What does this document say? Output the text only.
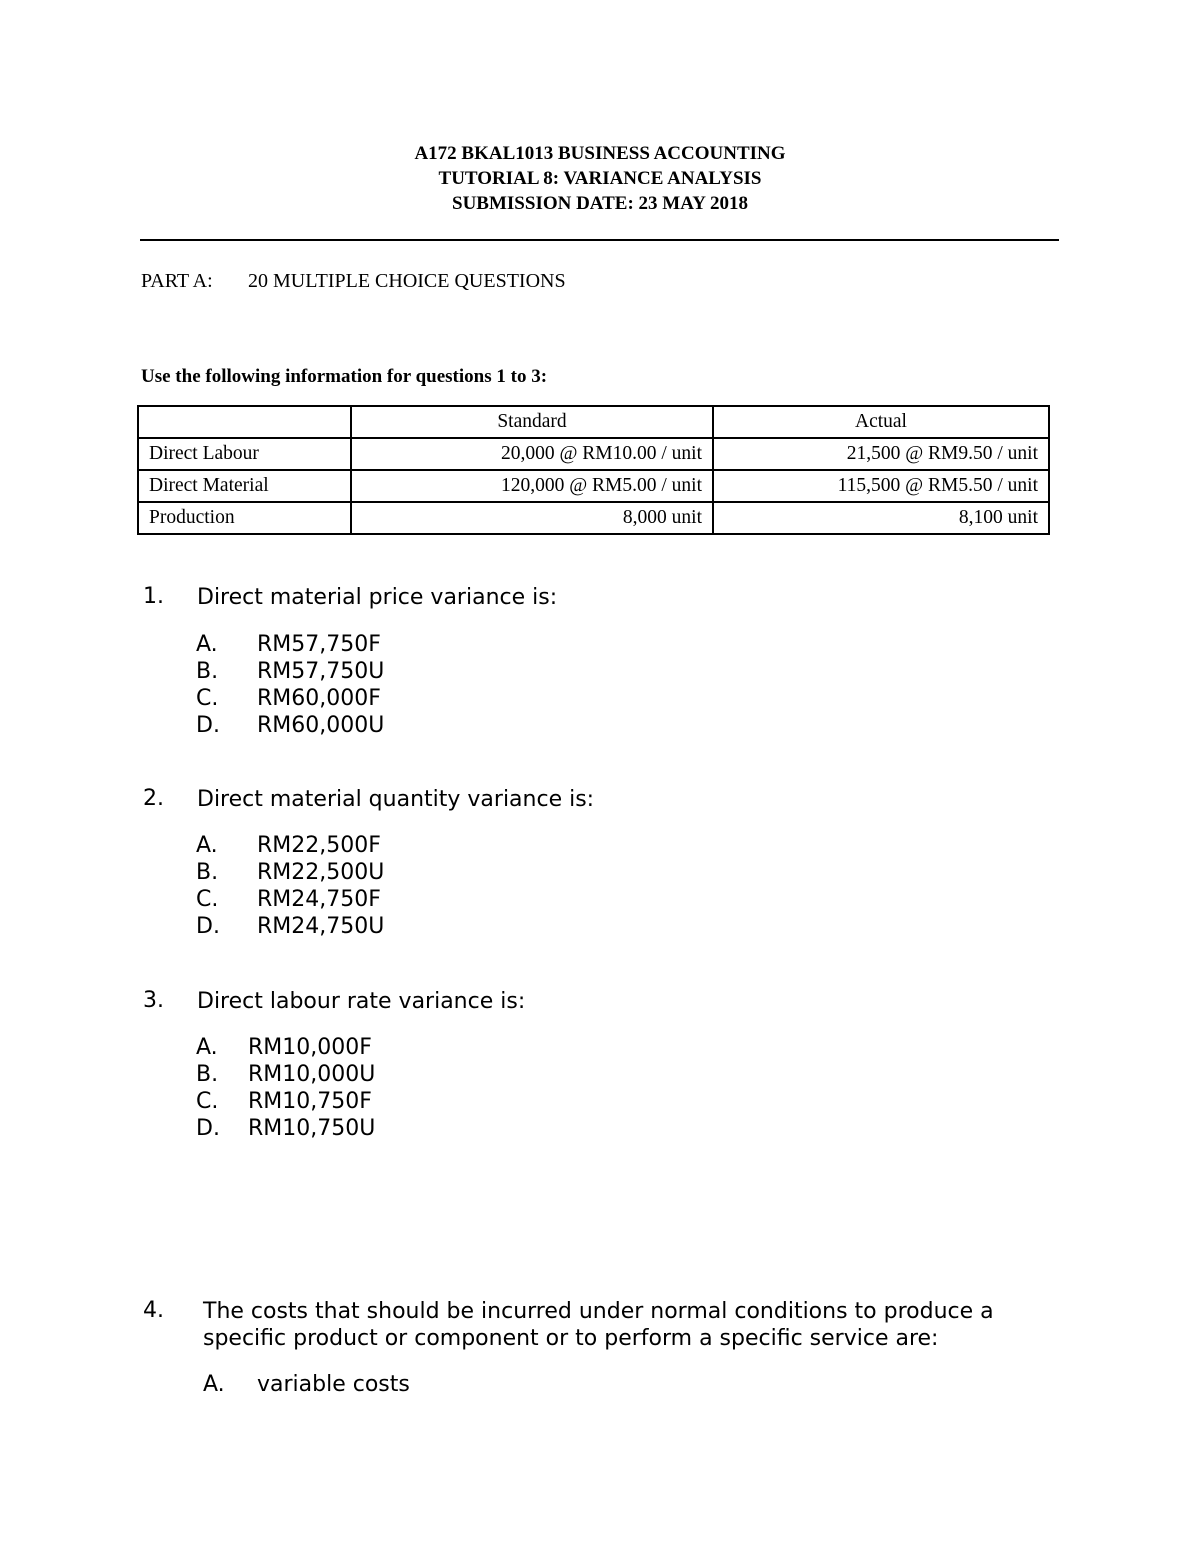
A172 BKAL1013 BUSINESS ACCOUNTING
TUTORIAL 8: VARIANCE ANALYSIS
SUBMISSION DATE: 23 MAY 2018
PART A: 20 MULTIPLE CHOICE QUESTIONS
Use the following information for questions 1 to 3:
	Standard	Actual
Direct Labour	20,000 @ RM10.00 / unit	21,500 @ RM9.50 / unit
Direct Material	120,000 @ RM5.00 / unit	115,500 @ RM5.50 / unit
Production	8,000 unit	8,100 unit
1. Direct material price variance is:
A. RM57,750F
B. RM57,750U
C. RM60,000F
D. RM60,000U
2. Direct material quantity variance is:
A. RM22,500F
B. RM22,500U
C. RM24,750F
D. RM24,750U
3. Direct labour rate variance is:
A. RM10,000F
B. RM10,000U
C. RM10,750F
D. RM10,750U
4. The costs that should be incurred under normal conditions to produce a
specific product or component or to perform a specific service are:
A. variable costs
